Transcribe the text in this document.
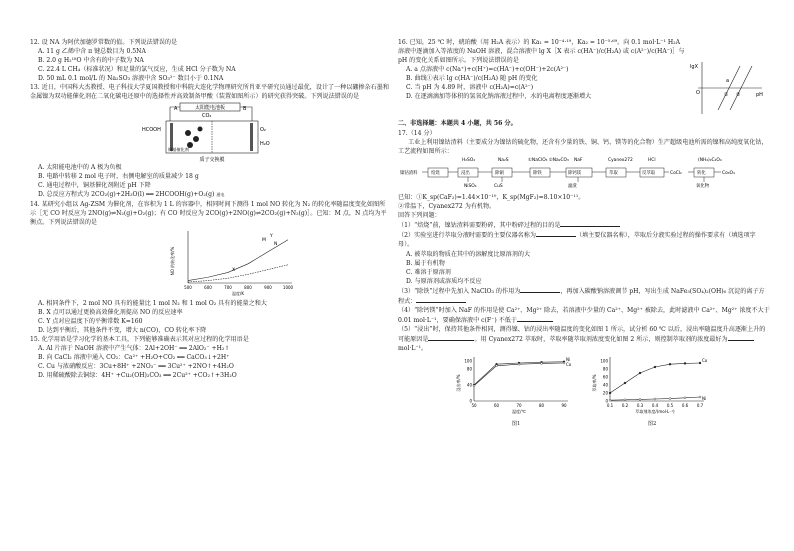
12. 设 NA 为阿伏加德罗常数的值。下列说法错误的是

A. 11 g 乙烯中含 π 键总数目为 0.5NA

B. 2.0 g H₂¹⁸O 中含有的中子数为 NA

C. 22.4 L CH₄（标准状况）和足量的氯气反应，生成 HCl 分子数为 NA

D. 50 mL 0.1 mol/L 的 Na₂SO₃ 溶液中含 SO₃²⁻ 数目小于 0.1NA

13. 近日，中国科大杰教授、电子科技大学夏国教授和中科院大连化学物理研究所肖亚平研究员通过最优，设计了一种以硼掺杂石墨和金属镍为双功能催化剂在二氧化碳电还原中的选择性并高效制备甲酸（装置如图所示）的研究获得突破。下列说法错误的是

太阳能电池板
A	B
HCOOH
CO₂
O₂
H₂O
铜基催化剂
质子交换膜

A. 太阳能电池中的 A 极为负极

B. 电路中转移 2 mol 电子时，右侧电解室的质量减少 18 g

C. 通电过程中，铜基催化剂附近 pH 下降

D. 总反应方程式为 2CO₂(g)+2H₂O(l) ══ 2HCOOH(g)+O₂(g) 通电

14. 某研究小组以 Ag-ZSM 为催化剂，在容积为 1 L 的容器中，相同时间下测得 1 mol NO 转化为 N₂ 的转化率随温度变化如图所示［无 CO 时反应为 2NO(g)⇌N₂(g)+O₂(g)；有 CO 时反应为 2CO(g)+2NO(g)⇌2CO₂(g)+N₂(g)］。已知：M 点，N 点均为平衡点。下列说法错误的是

500	600	700	800	900	1000
温度/K
NO 的转化率/%
M
N
X
Y

A. 相同条件下，2 mol NO 具有的能量比 1 mol N₂ 和 1 mol O₂ 具有的能量之和大

B. X 点可以通过更换高效催化剂提高 NO 的反应速率

C. Y 点对应温度下的平衡常数 K=160

D. 达到平衡后，其他条件不变，增大 n(CO)，CO 转化率下降

15. 化学用语是学习化学的基本工具，下列能够准确表示其对应过程的化学用语是

A. Al 片溶于 NaOH 溶液中产生气体：2Al+2OH⁻ ══ 2AlO₂⁻ +H₂↑

B. 向 CaCl₂ 溶液中通入 CO₂：Ca²⁺ +H₂O+CO₂ ══ CaCO₃↓+2H⁺

C. Cu 与浓硝酸反应：3Cu+8H⁺ +2NO₃⁻ ══ 3Cu²⁺ +2NO↑+4H₂O

D. 用稀硫酸除去铜绿：4H⁺ +Cu₂(OH)₂CO₃ ══ 2Cu²⁺ +CO₂↑+3H₂O

16. 已知，25 ℃ 时，琥珀酸（用 H₂A 表示）的 Ka₁ = 10⁻⁴·¹⁹，Ka₂ = 10⁻⁵·⁶⁹。向 0.1 mol·L⁻¹ H₂A 溶液中逐滴加入等浓度的 NaOH 溶液，混合溶液中 lg X［X 表示 c(HA⁻)/c(H₂A) 或 c(A²⁻)/c(HA⁻)］与 pH 的变化关系如图所示。下列说法错误的是

A. a 点溶液中 c(Na⁺)+c(H⁺)=c(HA⁻)+c(OH⁻)+2c(A²⁻)

B. 曲线①表示 lg c(HA⁻)/c(H₂A) 随 pH 的变化

C. 当 pH 为 4.89 时，溶液中 c(H₂A)=c(A²⁻)

D. 在逐滴滴加等体积的氢氧化钠溶液过程中，水的电离程度逐渐增大

lgX
pH
O	① ②
a

二、非选择题：本题共 4 小题，共 56 分。

17.（14 分）

工业上利用镍钴渣料（主要成分为镍钴的硫化物，还含有少量的铁、铜、钙、镁等的化合物）生产超级电池所需的镍和高纯度氧化钴，工艺流程如图所示：

H₂SO₄	Na₂S	①NaClO₃ ②Na₂CO₃ NaF	Cyanex272	HCl	(NH₄)₂C₂O₄
镍钴渣料	焙烧	浸出	除铜	除铁	除钙镁	萃取	反萃取	CoCl₂	转化	Co₃O₄
NiSO₄	CuS	滤渣	氧化物

已知：①K_sp(CaF₂)=1.44×10⁻¹⁰，K_sp(MgF₂)=8.10×10⁻¹¹。

②常温下，Cyanex272 为有机物。

回答下列问题：

（1）“焙烧”前，镍钴渣料需要粉碎，其中粉碎过程的目的是

（2）实验室进行萃取分液时需要的主要仪器名称为	（填主要仪器名称），萃取后分液实验过程的操作要求有（填选项字母）。

A. 被萃取的物质在其中的溶解度比原溶剂的大

B. 属于有机物

C. 难溶于原溶剂

D. 与原溶剂或溶质均不反应

（3）“除铁”过程中先加入 NaClO₃ 的作用为	，再加入碳酸钠溶液调节 pH，写出生成 NaFe₃(SO₄)₂(OH)₆ 沉淀的离子方程式：

（4）“除钙镁”时加入 NaF 的作用是使 Ca²⁺、Mg²⁺ 除去，若溶液中少量的 Ca²⁺、Mg²⁺ 被除去，此时滤液中 Ca²⁺、Mg²⁺ 浓度不大于 0.01 mol·L⁻¹，要确保溶液中 c(F⁻) 不低于

（5）“浸出”时，保持其他条件相同，测得镍、钴的浸出率随温度的变化如图 1 所示，试分析 60 ℃ 以后，浸出率随温度升高逐渐上升的可能原因是	。用 Cyanex272 萃取时，萃取率随萃取剂浓度变化如图 2 所示，则控制萃取剂的浓度最好为mol·L⁻¹。

50	60	70	80	90
0
40
80
100
温度/℃
浸出率/%
Ni
Co
图1
0.1 0.2 0.3 0.4 0.5 0.6 0.7
0
20
40
60
80
100
萃取剂浓度/(mol·L⁻¹)
萃取率/%
Co
Ni
图2
